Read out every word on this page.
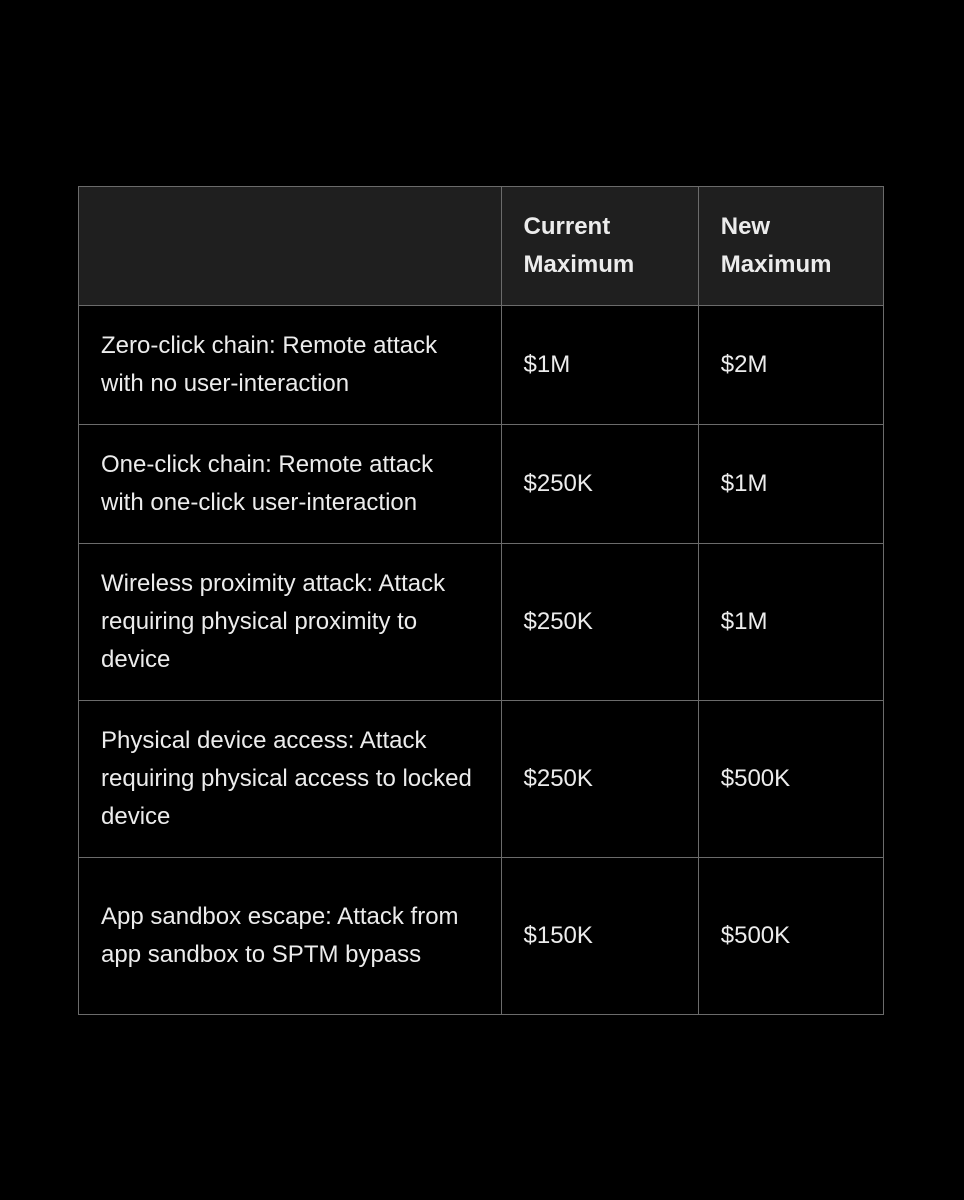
	Current Maximum	New Maximum
Zero-click chain: Remote attack with no user-interaction	$1M	$2M
One-click chain: Remote attack with one-click user-interaction	$250K	$1M
Wireless proximity attack: Attack requiring physical proximity to device	$250K	$1M
Physical device access: Attack requiring physical access to locked device	$250K	$500K
App sandbox escape: Attack from app sandbox to SPTM bypass	$150K	$500K
